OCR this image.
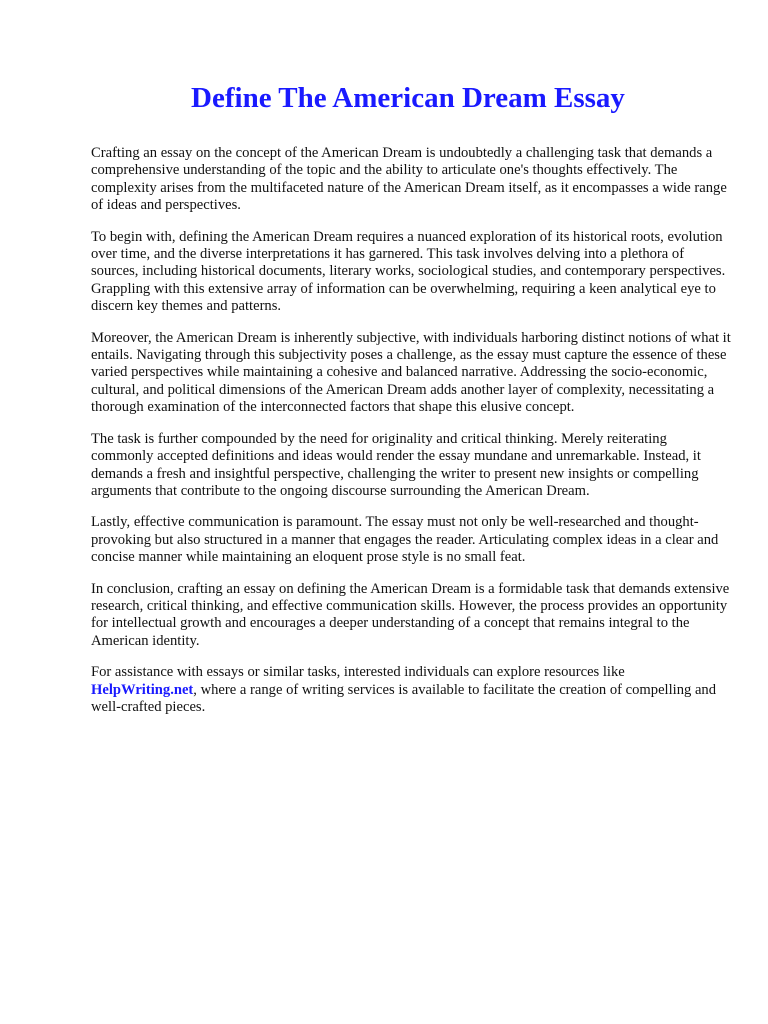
Define The American Dream Essay

Crafting an essay on the concept of the American Dream is undoubtedly a challenging task that demands a comprehensive understanding of the topic and the ability to articulate one's thoughts effectively. The complexity arises from the multifaceted nature of the American Dream itself, as it encompasses a wide range of ideas and perspectives.

To begin with, defining the American Dream requires a nuanced exploration of its historical roots, evolution over time, and the diverse interpretations it has garnered. This task involves delving into a plethora of sources, including historical documents, literary works, sociological studies, and contemporary perspectives. Grappling with this extensive array of information can be overwhelming, requiring a keen analytical eye to discern key themes and patterns.

Moreover, the American Dream is inherently subjective, with individuals harboring distinct notions of what it entails. Navigating through this subjectivity poses a challenge, as the essay must capture the essence of these varied perspectives while maintaining a cohesive and balanced narrative. Addressing the socio-economic, cultural, and political dimensions of the American Dream adds another layer of complexity, necessitating a thorough examination of the interconnected factors that shape this elusive concept.

The task is further compounded by the need for originality and critical thinking. Merely reiterating commonly accepted definitions and ideas would render the essay mundane and unremarkable. Instead, it demands a fresh and insightful perspective, challenging the writer to present new insights or compelling arguments that contribute to the ongoing discourse surrounding the American Dream.

Lastly, effective communication is paramount. The essay must not only be well-researched and thought-provoking but also structured in a manner that engages the reader. Articulating complex ideas in a clear and concise manner while maintaining an eloquent prose style is no small feat.

In conclusion, crafting an essay on defining the American Dream is a formidable task that demands extensive research, critical thinking, and effective communication skills. However, the process provides an opportunity for intellectual growth and encourages a deeper understanding of a concept that remains integral to the American identity.

For assistance with essays or similar tasks, interested individuals can explore resources like
HelpWriting.net, where a range of writing services is available to facilitate the creation of compelling and well-crafted pieces.
